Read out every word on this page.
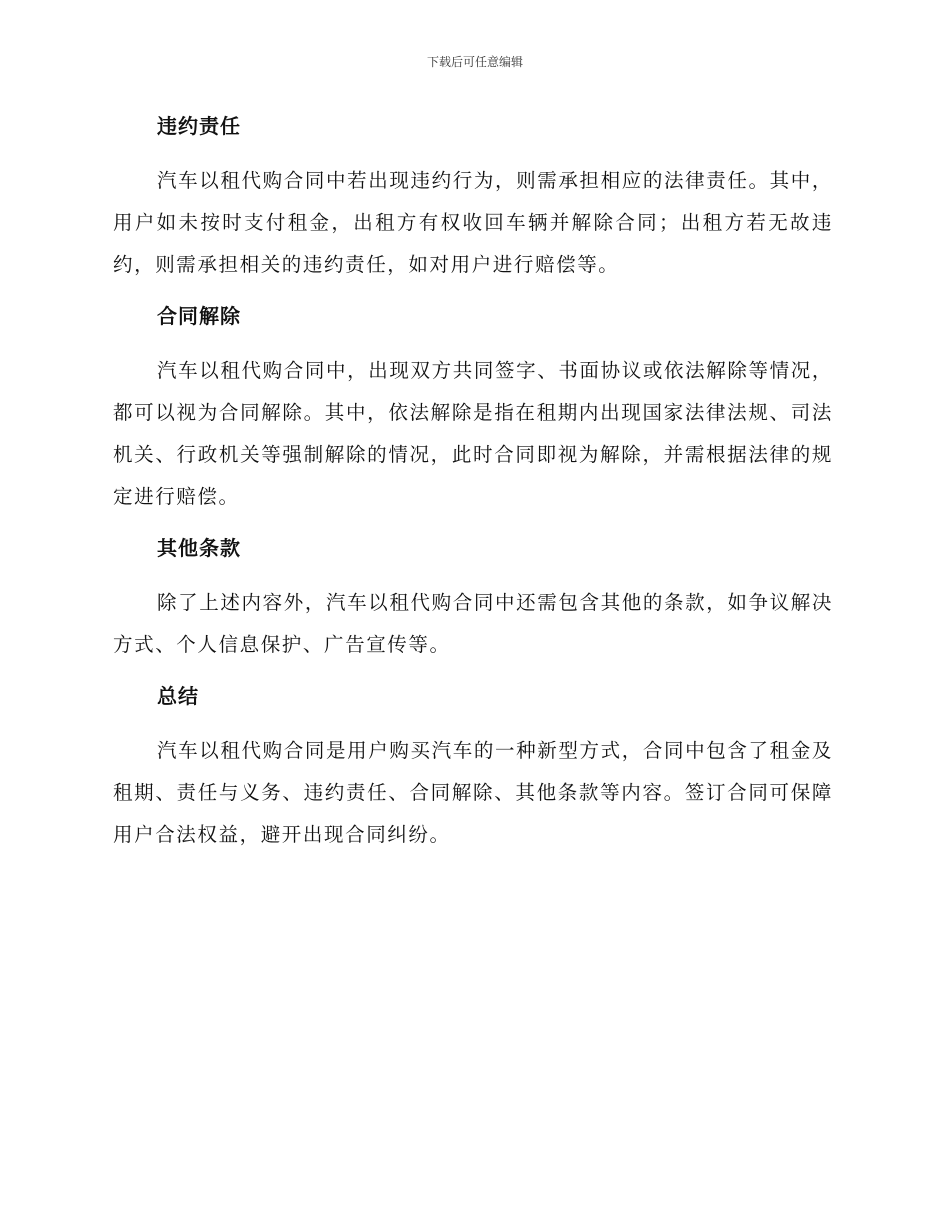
下载后可任意编辑
违约责任

汽车以租代购合同中若出现违约行为，则需承担相应的法律责任。其中，用户如未按时支付租金，出租方有权收回车辆并解除合同；出租方若无故违约，则需承担相关的违约责任，如对用户进行赔偿等。

合同解除

汽车以租代购合同中，出现双方共同签字、书面协议或依法解除等情况，都可以视为合同解除。其中，依法解除是指在租期内出现国家法律法规、司法机关、行政机关等强制解除的情况，此时合同即视为解除，并需根据法律的规定进行赔偿。

其他条款

除了上述内容外，汽车以租代购合同中还需包含其他的条款，如争议解决方式、个人信息保护、广告宣传等。

总结

汽车以租代购合同是用户购买汽车的一种新型方式，合同中包含了租金及租期、责任与义务、违约责任、合同解除、其他条款等内容。签订合同可保障用户合法权益，避开出现合同纠纷。
